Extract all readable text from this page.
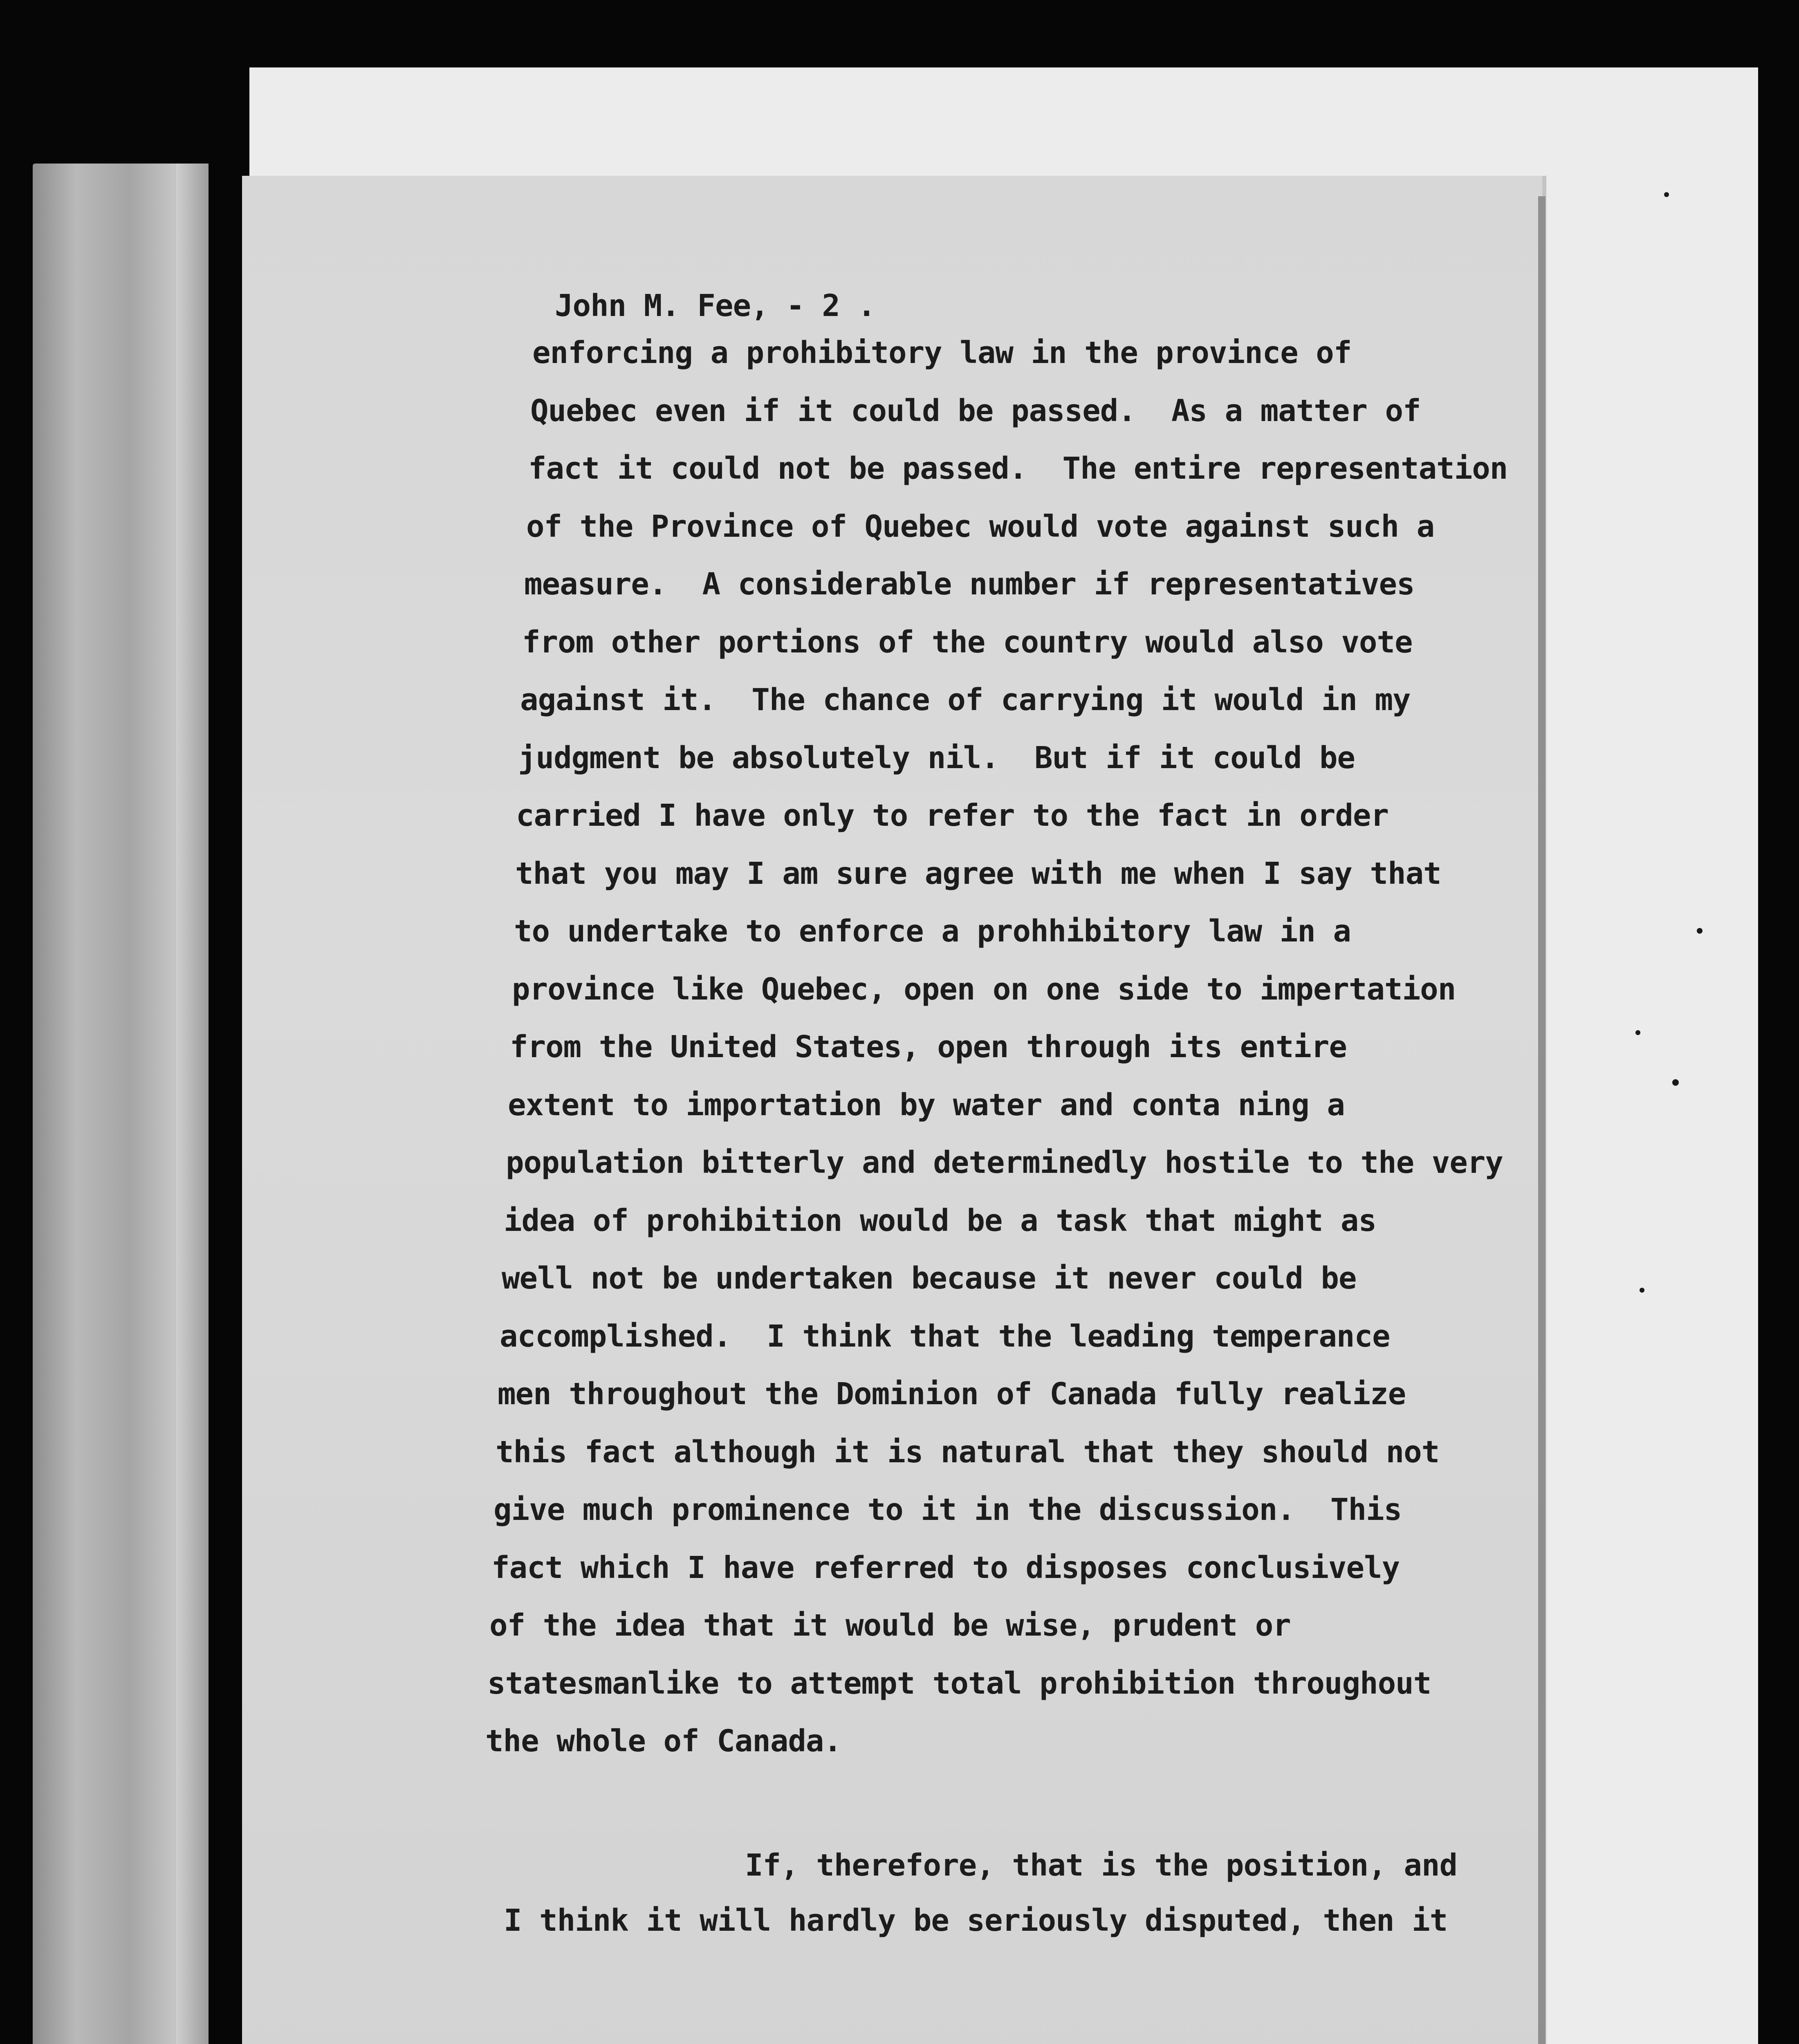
John M. Fee, - 2 .
enforcing a prohibitory law in the province of
Quebec even if it could be passed.  As a matter of
fact it could not be passed.  The entire representation
of the Province of Quebec would vote against such a
measure.  A considerable number if representatives
from other portions of the country would also vote
against it.  The chance of carrying it would in my
judgment be absolutely nil.  But if it could be
carried I have only to refer to the fact in order
that you may I am sure agree with me when I say that
to undertake to enforce a prohhibitory law in a
province like Quebec, open on one side to impertation
from the United States, open through its entire
extent to importation by water and conta ning a
population bitterly and determinedly hostile to the very
idea of prohibition would be a task that might as
well not be undertaken because it never could be
accomplished.  I think that the leading temperance
men throughout the Dominion of Canada fully realize
this fact although it is natural that they should not
give much prominence to it in the discussion.  This
fact which I have referred to disposes conclusively
of the idea that it would be wise, prudent or
statesmanlike to attempt total prohibition throughout
the whole of Canada.
If, therefore, that is the position, and
I think it will hardly be seriously disputed, then it
